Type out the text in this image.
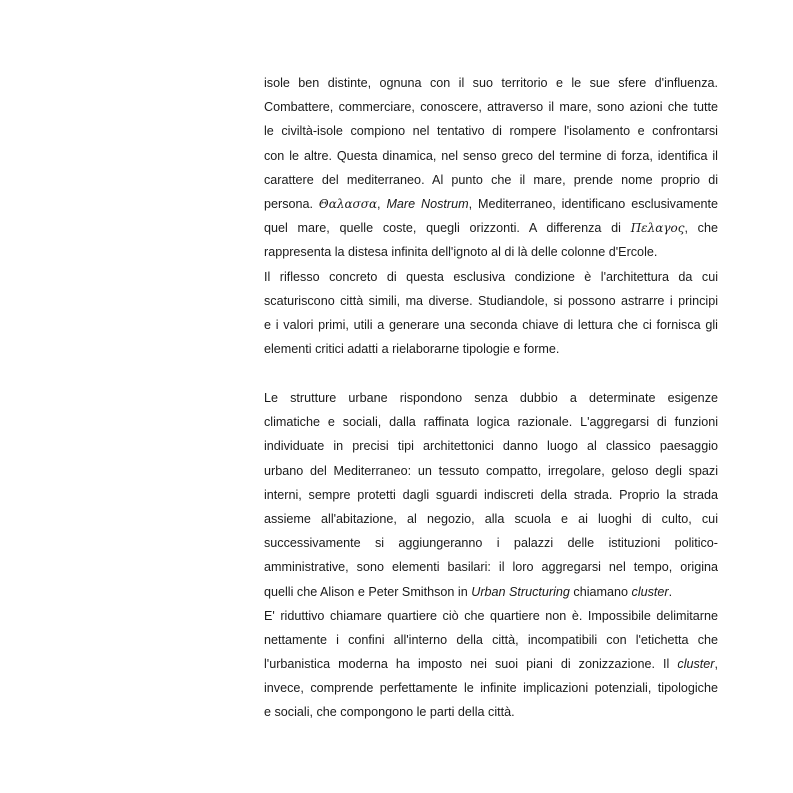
isole ben distinte, ognuna con il suo territorio e le sue sfere d'influenza.
Combattere, commerciare, conoscere, attraverso il mare, sono azioni che tutte
le civiltà-isole compiono nel tentativo di rompere l'isolamento e confrontarsi
con le altre. Questa dinamica, nel senso greco del termine di forza, identifica il
carattere del mediterraneo. Al punto che il mare, prende nome proprio di
persona. Θαλασσα, Mare Nostrum, Mediterraneo, identificano esclusivamente
quel mare, quelle coste, quegli orizzonti. A differenza di Πελαγος, che
rappresenta la distesa infinita dell'ignoto al di là delle colonne d'Ercole.
Il riflesso concreto di questa esclusiva condizione è l'architettura da cui
scaturiscono città simili, ma diverse. Studiandole, si possono astrarre i principi
e i valori primi, utili a generare una seconda chiave di lettura che ci fornisca gli
elementi critici adatti a rielaborarne tipologie e forme.
Le strutture urbane rispondono senza dubbio a determinate esigenze
climatiche e sociali, dalla raffinata logica razionale. L'aggregarsi di funzioni
individuate in precisi tipi architettonici danno luogo al classico paesaggio
urbano del Mediterraneo: un tessuto compatto, irregolare, geloso degli spazi
interni, sempre protetti dagli sguardi indiscreti della strada. Proprio la strada
assieme all'abitazione, al negozio, alla scuola e ai luoghi di culto, cui
successivamente si aggiungeranno i palazzi delle istituzioni politico-
amministrative, sono elementi basilari: il loro aggregarsi nel tempo, origina
quelli che Alison e Peter Smithson in Urban Structuring chiamano cluster.
E' riduttivo chiamare quartiere ciò che quartiere non è. Impossibile delimitarne
nettamente i confini all'interno della città, incompatibili con l'etichetta che
l'urbanistica moderna ha imposto nei suoi piani di zonizzazione. Il cluster,
invece, comprende perfettamente le infinite implicazioni potenziali, tipologiche
e sociali, che compongono le parti della città.
